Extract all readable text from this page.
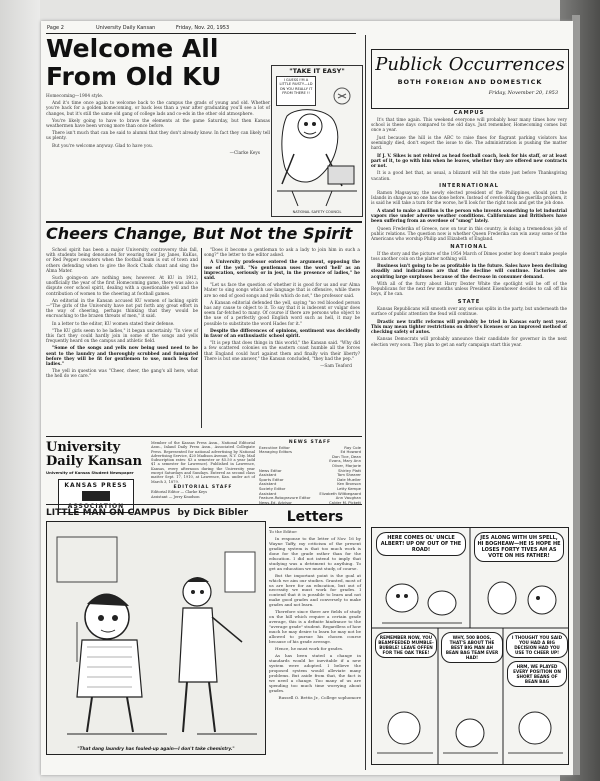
Page 2	University Daily Kansan	Friday, Nov. 20, 1953
Welcome All
From Old KU

Homecoming—1904 style.

And it's time once again to welcome back to the campus the grads of young and old. Whether you're back for a golden homecoming, or back less than a year after graduating you'll see a lot of changes, but it's still the same old gang of college lads and co-eds in the other old atmosphere.

You're likely going to have to brave the elements at the game Saturday, but then Kansas weathermen have been wrong more than once before.

There isn't much that can be said to alumni that they don't already know. In fact they can likely tell us plenty.

But you're welcome anyway. Glad to have you.

—Clarke Keys

"TAKE IT EASY"
I GUESS I'M A LITTLE RUSTY—LD ON YOU REALLY IT FROM THERE !!
NATIONAL SAFETY COUNCIL
Cheers Change, But Not the Spirit

School spirit has been a major University controversy this fall, with students being denounced for wearing their Jay Janes, KuKus, or Red Pepper sweaters when the football team is out of town and others defending when to give the Rock Chalk chant and sing the Alma Mater.

Such goings-on are nothing new, however. At KU in 1912, unofficially the year of the first Homecoming game, there was also a dispute over school spirit, dealing with a questionable yell and the contribution of women to the cheering at football games.

An editorial in the Kansan accused KU women of lacking spirit—"The girls of the University have not put forth any great effort in the way of cheering, perhaps thinking that they would be encroaching to the brazen threats of men," it said.

In a letter to the editor, KU women stated their defense.

"The KU girls seem to be ladies," it began uncertainly. "In view of this fact they could hardly join in some of the songs and yells frequently heard on the campus and athletic field.

"Some of the songs and yells now being used need to be sent to the laundry and thoroughly scrubbed and fumigated before they will be fit for gentlemen to use, much less for ladies."

The yell in question was "Cheer, cheer, the gang's all here, what the hell do we care."

"Does it become a gentleman to ask a lady to join him in such a song?" the letter to the editor asked.

A University professor entered the argument, opposing the use of the yell. "No gentleman uses the word 'hell' as an imprecation, seriously or in jest, in the presence of ladies," he said.

"Let us face the question of whether it is good for us and our Alma Mater to sing songs which use language that is offensive, while there are no end of good songs and yells which do not," the professor said.

A Kansan editorial defended the yell, saying "no red blooded person has any cause to object to it. To say that it is indecent or vulgar does seem far-fetched to many. Of course if there are persons who object to the use of a perfectly good English word such as hell, it may be possible to substitute the word Hades for it."

Despite the differences of opinions, sentiment was decidedly in favor of an enthusiastic school spirit.

"It is pep that does things in this world," the Kansan said. "Why did a few scattered colonies on the eastern coast humble all the forces that England could hurl against them and finally win their liberty? There is but one answer," the Kansan concluded, "they had the pep."

—Sam Teaford

University Daily Kansan
University of Kansas Student Newspaper
KANSAS PRESS
ASSOCIATION
Member of the Kansas Press Assn., National Editorial Assn., Inland Daily Press Assn., Associated Collegiate Press. Represented for national advertising by National Advertising Service, 420 Madison Avenue, N.Y. City. Mail Subscription rates: $3 a semester or $5.50 a year (add $1 a semester for Lawrence). Published in Lawrence, Kansas, every afternoon during the University year except Saturdays and Sundays. Entered as second class matter Sept. 17, 1910, at Lawrence, Kan. under act of March 3, 1879.
EDITORIAL STAFF
Editorial Editor — Clarke Keys
Assistant — Jerry Knudson
NEWS STAFF
Executive Editor	Ray Cole
Managing Editors	Ed Howard
Don Tice, Dean
Evans, Mary Ann
Oliver, Marjorie
News Editor	Shirley Platt
Assistant	Tom Shearer
Sports Editor	Dale Mueller
Assistant	Ken Bronson
Society Editor	Letty Kempe
Assistant	Elizabeth Wiltbegaard
Feature-Rotogravure Editor	Ann Vaughan
News-Ed. Advisor	Calder M. Pickett
LITTLE MAN ON CAMPUS by Dick Bibler
"That dang laundry has fouled-up again—I don't take chemistry."
Letters

To the Editor:

In response to the letter of Nov. 16 by Wayne Taffy, my criticism of the present grading system is that too much work is done for the grade rather than for the education. I did not intend to imply that studying was a detriment to anything. To get an education we must study, of course.

But the important point is the goal at which we aim our studies. Granted, most of us are here for an education, but out of necessity we must work for grades. I contend that it is possible to learn and not make good grades and conversely to make grades and not learn.

Therefore since there are fields of study on the hill which require a certain grade average, this is a definite hindrance to the "average grade" student. Regardless of how much he may desire to learn he may not be allowed to pursue his chosen course because of his grade average.

Hence, he must work for grades.

As has been stated a change in standards would be inevitable if a new system were adopted. I believe the proposed system would alleviate many problems. But aside from that, the fact is we need a change. Too many of us are spending too much time worrying about grades.

Russell O. Bettis Jr., College sophomore

Publick Occurrences
BOTH FOREIGN AND DOMESTICK
Friday, November 20, 1953
CAMPUS

It's that time again. This weekend everyone will probably hear many times how very school is these days compared to the old days. Just remember, Homecoming comes but once a year.

Just because the hill is the ABC to raise fines for flagrant parking violators has seemingly died, don't expect the issue to die. The administration is pushing the matter hard.

If J. V. Sikes is not rehired as head football coach, look for his staff, or at least part of it, to go with him when he leaves, whether they are offered new contracts or not.

It is a good bet that, as usual, a blizzard will hit the state just before Thanksgiving vacation.

INTERNATIONAL

Ramon Magsaysay, the newly elected president of the Philippines, should put the Islands in shape as no one has done before. Instead of overlooking the guerilla problem, it is said he will take a turn for the worse, he'll look for the right tools and get the job done.

A stand to make a million is the person who invents something to let industrial vapors rise under adverse weather conditions. Californians and Britishers have been suffering from an overdose of "smog" lately.

Queen Frederika of Greece, now on tour in this country, is doing a tremendous job of public relations. The question now is whether Queen Frederika can win away some of the Americans who worship Philip and Elizabeth of England.

NATIONAL

If the story and the picture of the 1954 March of Dimes poster boy doesn't make people toss another coin on the platter nothing will.

Business isn't going to be as profitable in the future. Sales have been declining steadily and indications are that the decline will continue. Factories are acquiring large surpluses because of the decrease in consumer demand.

With all of the furry about Harry Dexter White the spotlight will be off of the Republicans for the next few months unless President Eisenhower decides to call off his boys, if he can.

STATE

Kansas Republicans will smooth over any serious splits in the party, but underneath the surface of public attention the feud will continue.

Drastic new traffic reforms will probably be tried in Kansas early next year. This may mean tighter restrictions on driver's licenses or an improved method of checking safety of autos.

Kansas Democrats will probably announce their candidate for governor in the next election very soon. They plan to get an early campaign start this year.

HERE COMES OL' UNCLE ALBERT! UP ON' OUT OF THE ROAD!
JES ALONG WITH UH SPELL, HI BOGHEAW—HE IS HOPE HE LOSES FORTY TIVES AH AS VOTE ON HIS FATHER!
REMEMBER NOW, YOU BEAMFEEDED MUMBLE-BUBBLE! LEAVE OFFEN FOR THE OAK TREE!
WHY, 500 BOOS, THAT'S ABOUT THE BEST BIG MAN AH BEAN BAG TEAM EVER HAD!
I THOUGHT YOU SAID YOU HAD A BIG DECISION HAD YOU USE TO CHEER UP!
HRM, WE PLAYED EVERY POSITION ON SHORT BEANS OF BEAN BAG
